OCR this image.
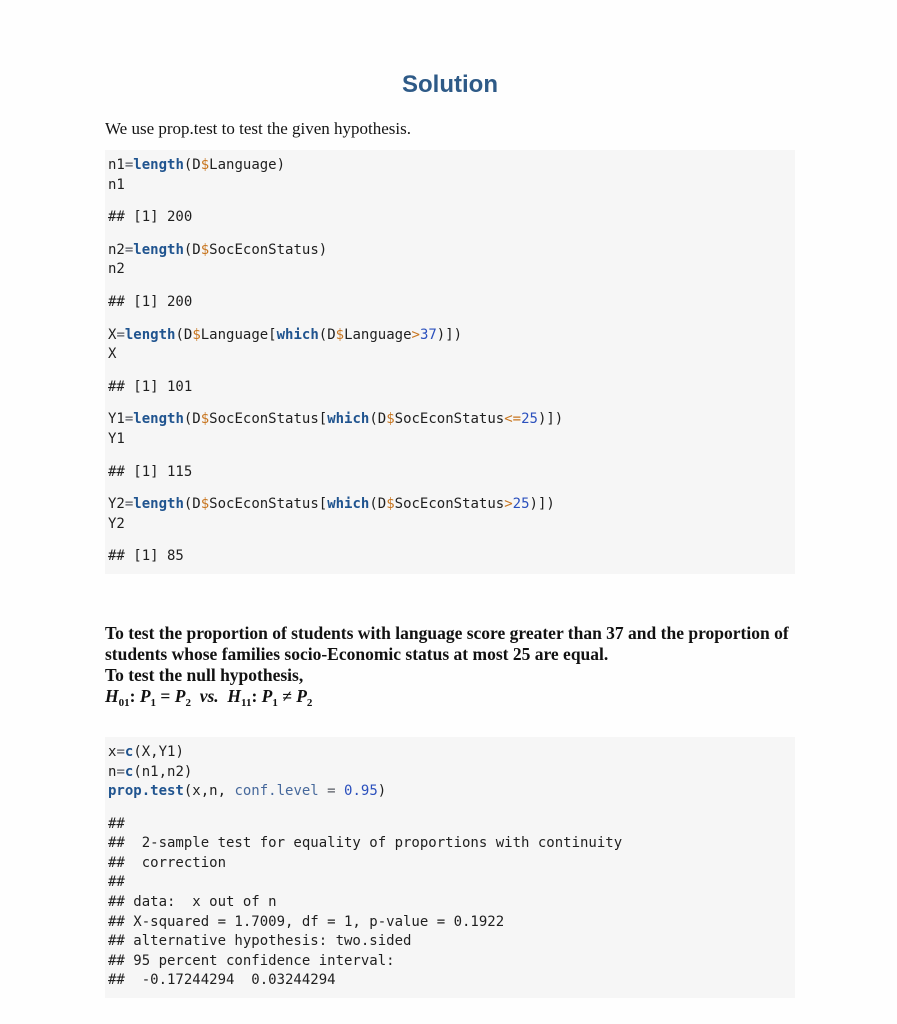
Solution

We use prop.test to test the given hypothesis.

n1=length(D$Language)
n1
## [1] 200
n2=length(D$SocEconStatus)
n2
## [1] 200
X=length(D$Language[which(D$Language>37)])
X
## [1] 101
Y1=length(D$SocEconStatus[which(D$SocEconStatus<=25)])
Y1
## [1] 115
Y2=length(D$SocEconStatus[which(D$SocEconStatus>25)])
Y2
## [1] 85

To test the proportion of students with language score greater than 37 and the proportion of students whose families socio-Economic status at most 25 are equal.
To test the null hypothesis,

$H_{01}$: $P_1 = P_2$  vs.  $H_{11}$: $P_1 \ne P_2$

x=c(X,Y1)
n=c(n1,n2)
prop.test(x,n, conf.level = 0.95)
##
##  2-sample test for equality of proportions with continuity
##  correction
##
## data:  x out of n
## X-squared = 1.7009, df = 1, p-value = 0.1922
## alternative hypothesis: two.sided
## 95 percent confidence interval:
##  -0.17244294  0.03244294
